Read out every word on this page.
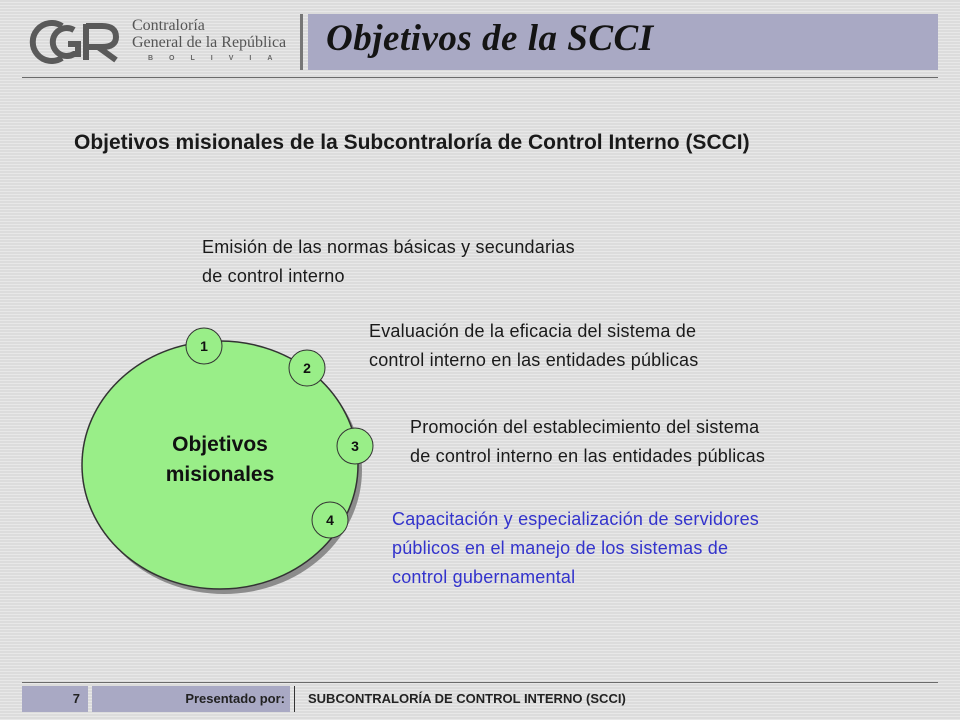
Contraloría
General de la República
BOLIVIA Objetivos de la SCCI
Objetivos misionales de la Subcontraloría de Control Interno (SCCI)
1
2
3
4
Objetivos misionales
Emisión de las normas básicas y secundarias
de control interno
Evaluación de la eficacia del sistema de
control interno en las entidades públicas
Promoción del establecimiento del sistema
de control interno en las entidades públicas
Capacitación y especialización de servidores
públicos en el manejo de los sistemas de
control gubernamental
7	Presentado por:	SUBCONTRALORÍA DE CONTROL INTERNO (SCCI)
